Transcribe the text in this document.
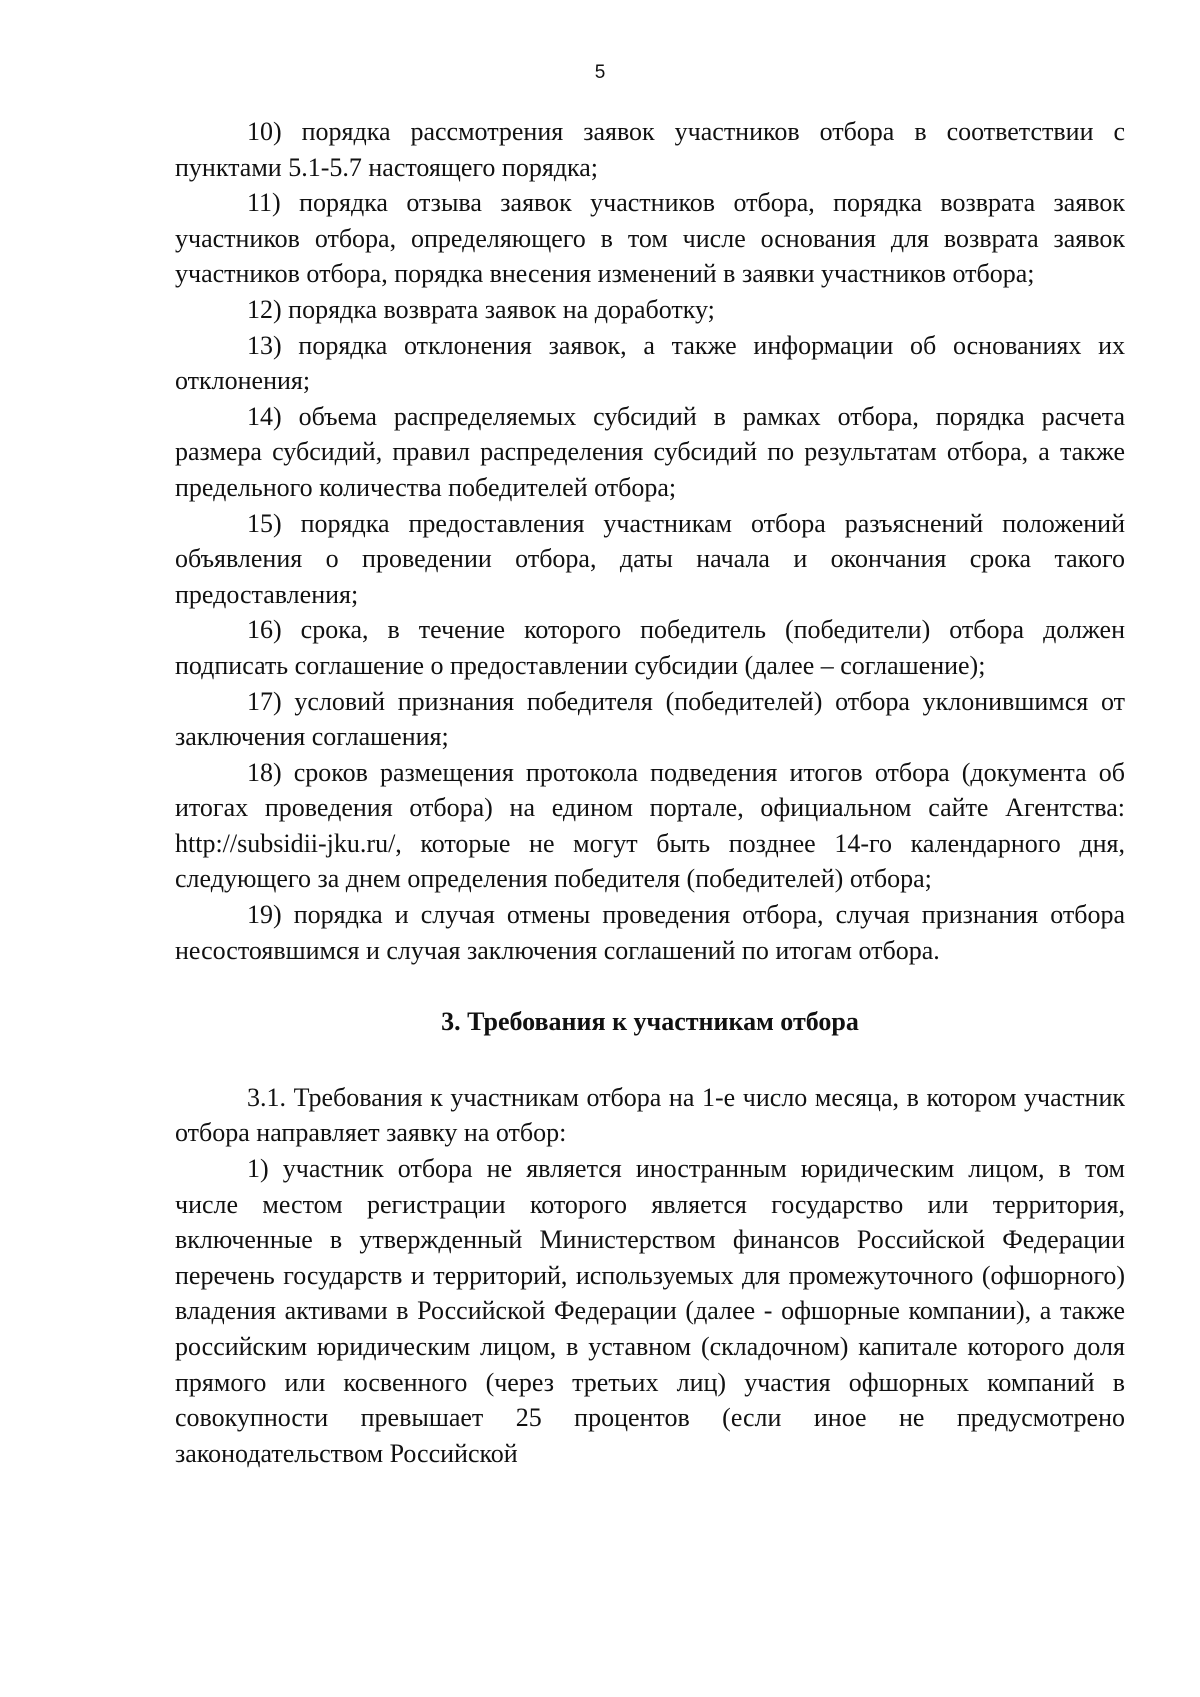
5

10) порядка рассмотрения заявок участников отбора в соответствии с пунктами 5.1-5.7 настоящего порядка;

11) порядка отзыва заявок участников отбора, порядка возврата заявок участников отбора, определяющего в том числе основания для возврата заявок участников отбора, порядка внесения изменений в заявки участников отбора;

12) порядка возврата заявок на доработку;

13) порядка отклонения заявок, а также информации об основаниях их отклонения;

14) объема распределяемых субсидий в рамках отбора, порядка расчета размера субсидий, правил распределения субсидий по результатам отбора, а также предельного количества победителей отбора;

15) порядка предоставления участникам отбора разъяснений положений объявления о проведении отбора, даты начала и окончания срока такого предоставления;

16) срока, в течение которого победитель (победители) отбора должен подписать соглашение о предоставлении субсидии (далее – соглашение);

17) условий признания победителя (победителей) отбора уклонившимся от заключения соглашения;

18) сроков размещения протокола подведения итогов отбора (документа об итогах проведения отбора) на едином портале, официальном сайте Агентства: http://subsidii-jku.ru/, которые не могут быть позднее 14-го календарного дня, следующего за днем определения победителя (победителей) отбора;

19) порядка и случая отмены проведения отбора, случая признания отбора несостоявшимся и случая заключения соглашений по итогам отбора.

3. Требования к участникам отбора

3.1. Требования к участникам отбора на 1-е число месяца, в котором участник отбора направляет заявку на отбор:

1) участник отбора не является иностранным юридическим лицом, в том числе местом регистрации которого является государство или территория, включенные в утвержденный Министерством финансов Российской Федерации перечень государств и территорий, используемых для промежуточного (офшорного) владения активами в Российской Федерации (далее - офшорные компании), а также российским юридическим лицом, в уставном (складочном) капитале которого доля прямого или косвенного (через третьих лиц) участия офшорных компаний в совокупности превышает 25 процентов (если иное не предусмотрено законодательством Российской
